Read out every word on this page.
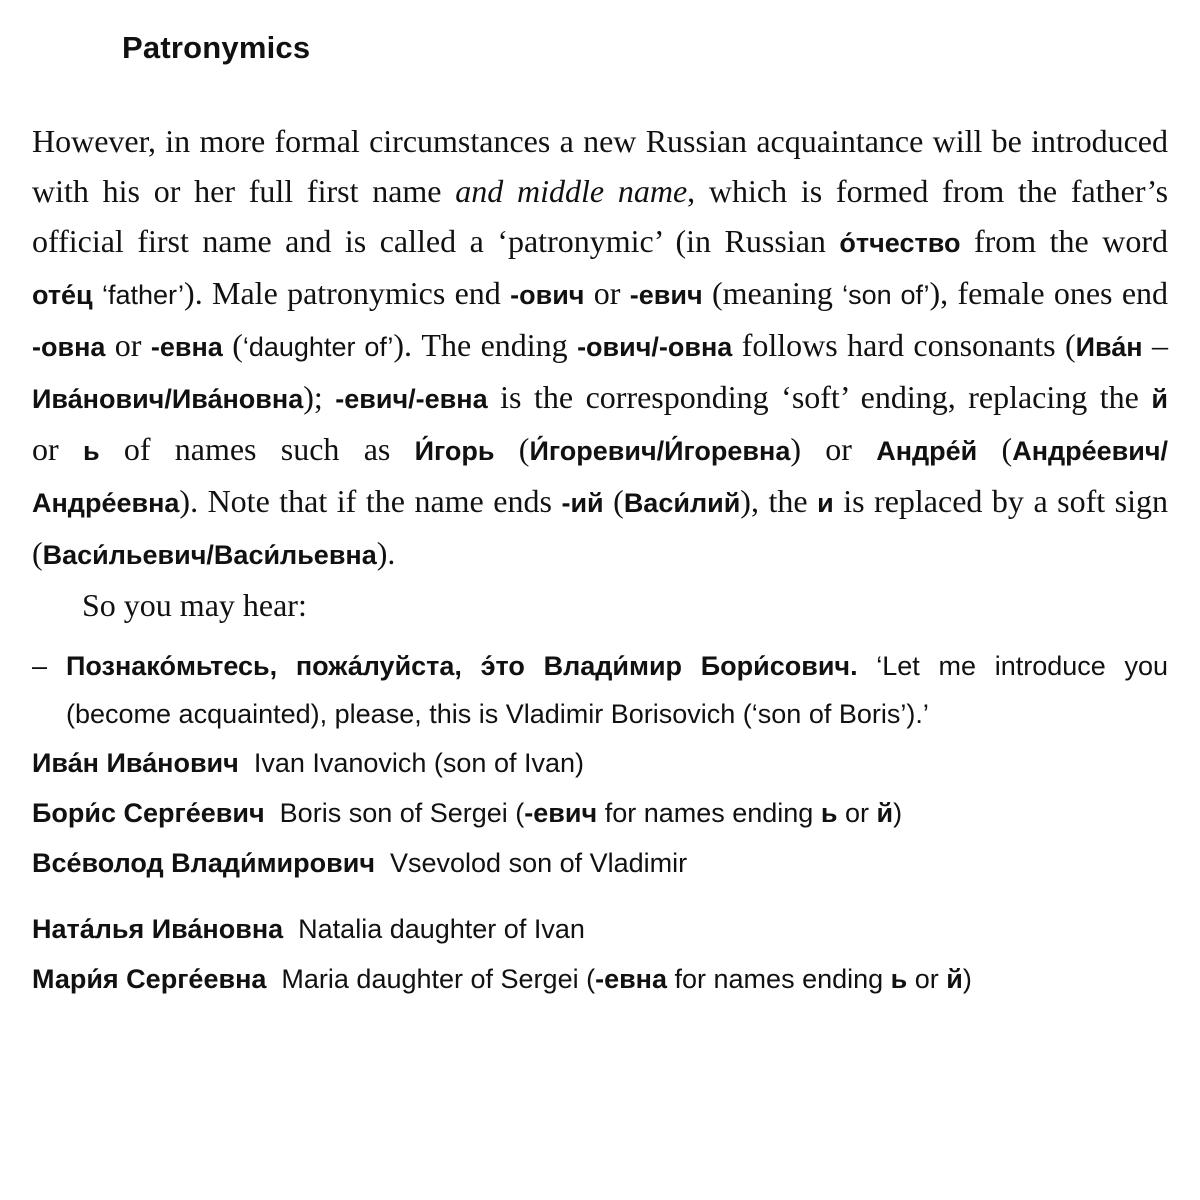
Patronymics

However, in more formal circumstances a new Russian acquaintance will be introduced with his or her full first name and middle name, which is formed from the father’s official first name and is called a ‘patronymic’ (in Russian о́тчество from the word оте́ц ‘father’). Male patronymics end -ович or -евич (meaning ‘son of’), female ones end -овна or -евна (‘daughter of’). The ending -ович/-овна follows hard consonants (Ива́н – Ива́нович/Ива́новна); -евич/-евна is the corresponding ‘soft’ ending, replacing the й or ь of names such as И́горь (И́горевич/И́горевна) or Андре́й (Андре́евич/Андре́евна). Note that if the name ends -ий (Васи́лий), the и is replaced by a soft sign (Васи́льевич/Васи́льевна).

So you may hear:

– Познако́мьтесь, пожа́луйста, э́то Влади́мир Бори́сович. ‘Let me introduce you (become acquainted), please, this is Vladimir Borisovich (‘son of Boris’).’

Ива́н Ива́нович  Ivan Ivanovich (son of Ivan)
Бори́с Серге́евич  Boris son of Sergei (-евич for names ending ь or й)
Все́волод Влади́мирович  Vsevolod son of Vladimir
Ната́лья Ива́новна  Natalia daughter of Ivan
Мари́я Серге́евна  Maria daughter of Sergei (-евна for names ending ь or й)
